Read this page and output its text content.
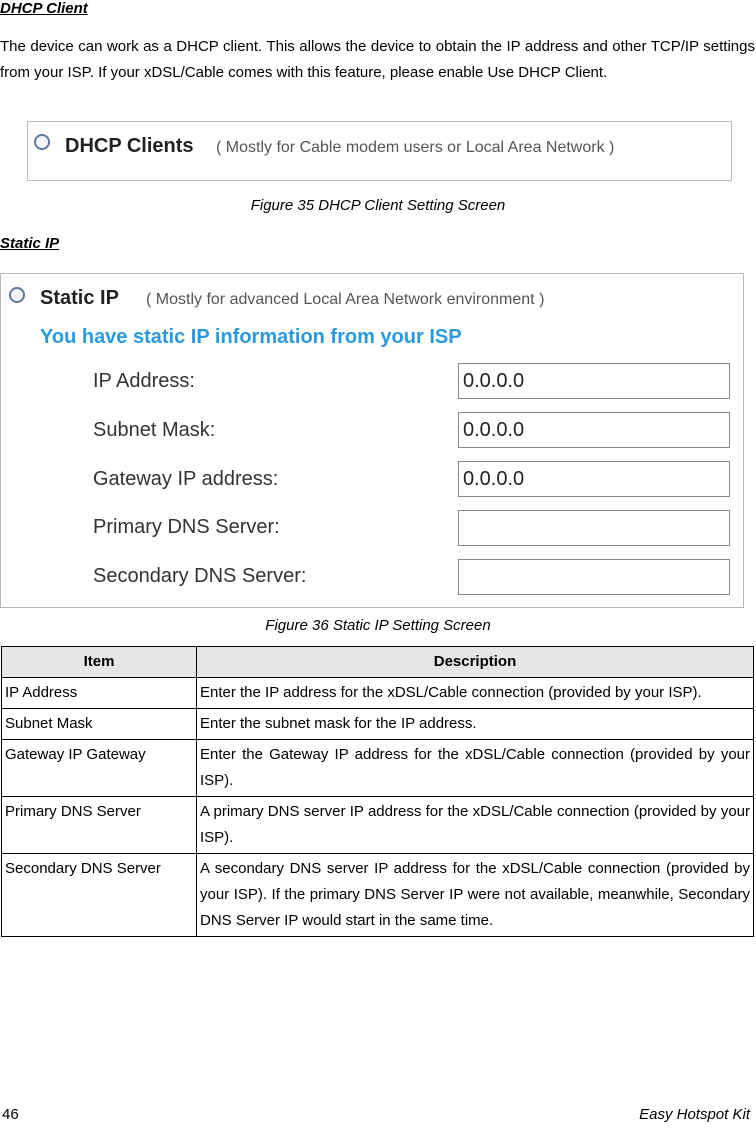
DHCP Client

The device can work as a DHCP client. This allows the device to obtain the IP address and other TCP/IP settings from your ISP. If your xDSL/Cable comes with this feature, please enable Use DHCP Client.

DHCP Clients ( Mostly for Cable modem users or Local Area Network )
Figure 35 DHCP Client Setting Screen
Static IP
Static IP ( Mostly for advanced Local Area Network environment )
You have static IP information from your ISP
IP Address:	0.0.0.0
Subnet Mask:	0.0.0.0
Gateway IP address:	0.0.0.0
Primary DNS Server:
Secondary DNS Server:
Figure 36 Static IP Setting Screen
Item	Description
IP Address	Enter the IP address for the xDSL/Cable connection (provided by your ISP).
Subnet Mask	Enter the subnet mask for the IP address.
Gateway IP Gateway	Enter the Gateway IP address for the xDSL/Cable connection (provided by your ISP).
Primary DNS Server	A primary DNS server IP address for the xDSL/Cable connection (provided by your ISP).
Secondary DNS Server	A secondary DNS server IP address for the xDSL/Cable connection (provided by your ISP). If the primary DNS Server IP were not available, meanwhile, Secondary DNS Server IP would start in the same time.
46	Easy Hotspot Kit
